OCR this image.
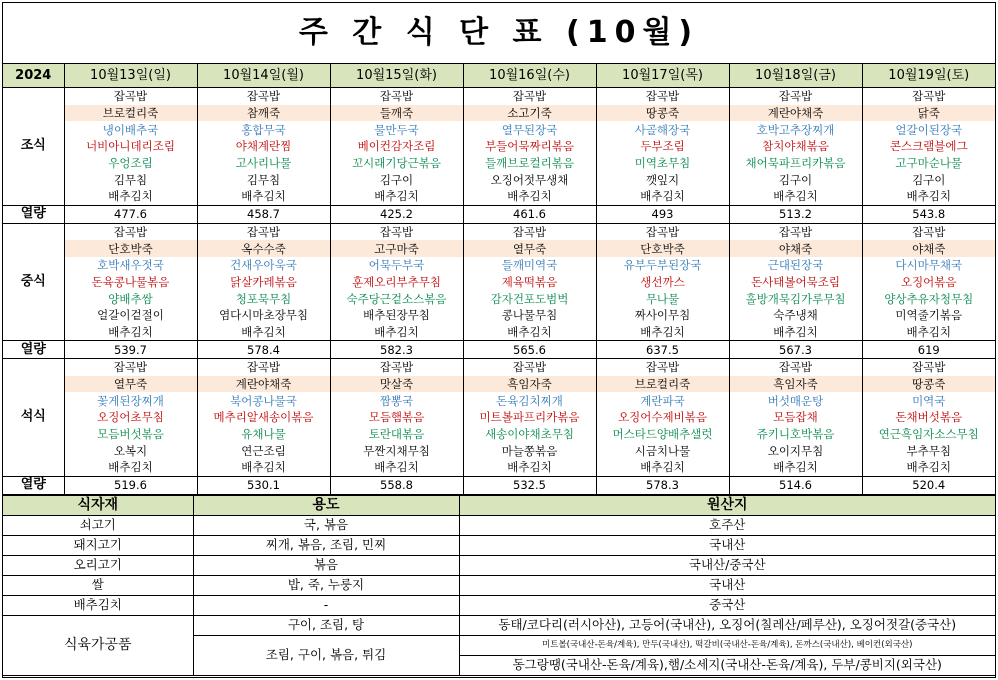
주 간 식 단 표 (10월)
2024	10월13일(일)	10월14일(월)	10월15일(화)	10월16일(수)	10월17일(목)	10월18일(금)	10월19일(토)
조식	잡곡밥	잡곡밥	잡곡밥	잡곡밥	잡곡밥	잡곡밥	잡곡밥
	브로컬리죽	참깨죽	들깨죽	소고기죽	땅콩죽	계란야채죽	닭죽
	냉이배추국	홍합무국	물만두국	열무된장국	사골해장국	호박고추장찌개	얼갈이된장국
	너비아니데리조림	야채계란찜	베이컨감자조림	부들어묵짜리볶음	두부조림	참치야채볶음	콘스크램블에그
	우엉조림	고사리나물	꼬시래기당근볶음	들깨브로컬리볶음	미역초무침	채어묵파프리카볶음	고구마순나물
	김무침	김무침	김구이	오징어젓무생채	깻잎지	김구이	김구이
	배추김치	배추김치	배추김치	배추김치	배추김치	배추김치	배추김치
열량	477.6	458.7	425.2	461.6	493	513.2	543.8
중식	잡곡밥	잡곡밥	잡곡밥	잡곡밥	잡곡밥	잡곡밥	잡곡밥
	단호박죽	옥수수죽	고구마죽	열무죽	단호박죽	야채죽	야채죽
	호박새우젓국	건새우아욱국	어묵두부국	들깨미역국	유부두부된장국	근대된장국	다시마무채국
	돈육콩나물볶음	닭살카레볶음	훈제오리부추무침	제육떡볶음	생선까스	돈사태볼어묵조림	오징어볶음
	양배추쌈	청포묵무침	숙주당근겉소스볶음	감자건포도범벅	무나물	홀방개묵김가루무침	양상추유자청무침
	얼갈이겉절이	염다시마초장무침	배추된장무침	콩나물무침	짜사이무침	숙주냉채	미역줄기볶음
	배추김치	배추김치	배추김치	배추김치	배추김치	배추김치	배추김치
열량	539.7	578.4	582.3	565.6	637.5	567.3	619
석식	잡곡밥	잡곡밥	잡곡밥	잡곡밥	잡곡밥	잡곡밥	잡곡밥
	열무죽	계란야채죽	맛살죽	흑임자죽	브로컬리죽	흑임자죽	땅콩죽
	꽃게된장찌개	북어콩나물국	짬뽕국	돈육김치찌개	계란파국	버섯매운탕	미역국
	오징어초무침	메추리알새송이볶음	모듬햄볶음	미트볼파프리카볶음	오징어수제비볶음	모듬잡채	돈채버섯볶음
	모듬버섯볶음	유채나물	토란대볶음	새송이야채초무침	머스타드양배추샐럿	쥬키니호박볶음	연근흑임자소스무침
	오복지	연근조림	무짠지채무침	마늘쫑볶음	시금치나물	오이지무침	부추무침
	배추김치	배추김치	배추김치	배추김치	배추김치	배추김치	배추김치
열량	519.6	530.1	558.8	532.5	578.3	514.6	520.4
식자재	용도	원산지
쇠고기	국, 볶음	호주산
돼지고기	찌개, 볶음, 조림, 민찌	국내산
오리고기	볶음	국내산/중국산
쌀	밥, 죽, 누룽지	국내산
배추김치	-	중국산
식육가공품	구이, 조림, 탕	동태/코다리(러시아산), 고등어(국내산), 오징어(칠레산/페루산), 오징어젓갈(중국산)

	조림, 구이, 볶음, 튀김	미트볼(국내산-돈육/계육), 만두(국내산), 떡갈비(국내산-돈육/계육), 돈까스(국내산), 베이컨(외국산)
		동그랑땡(국내산-돈육/계육),햄/소세지(국내산-돈육/계육), 두부/콩비지(외국산)
